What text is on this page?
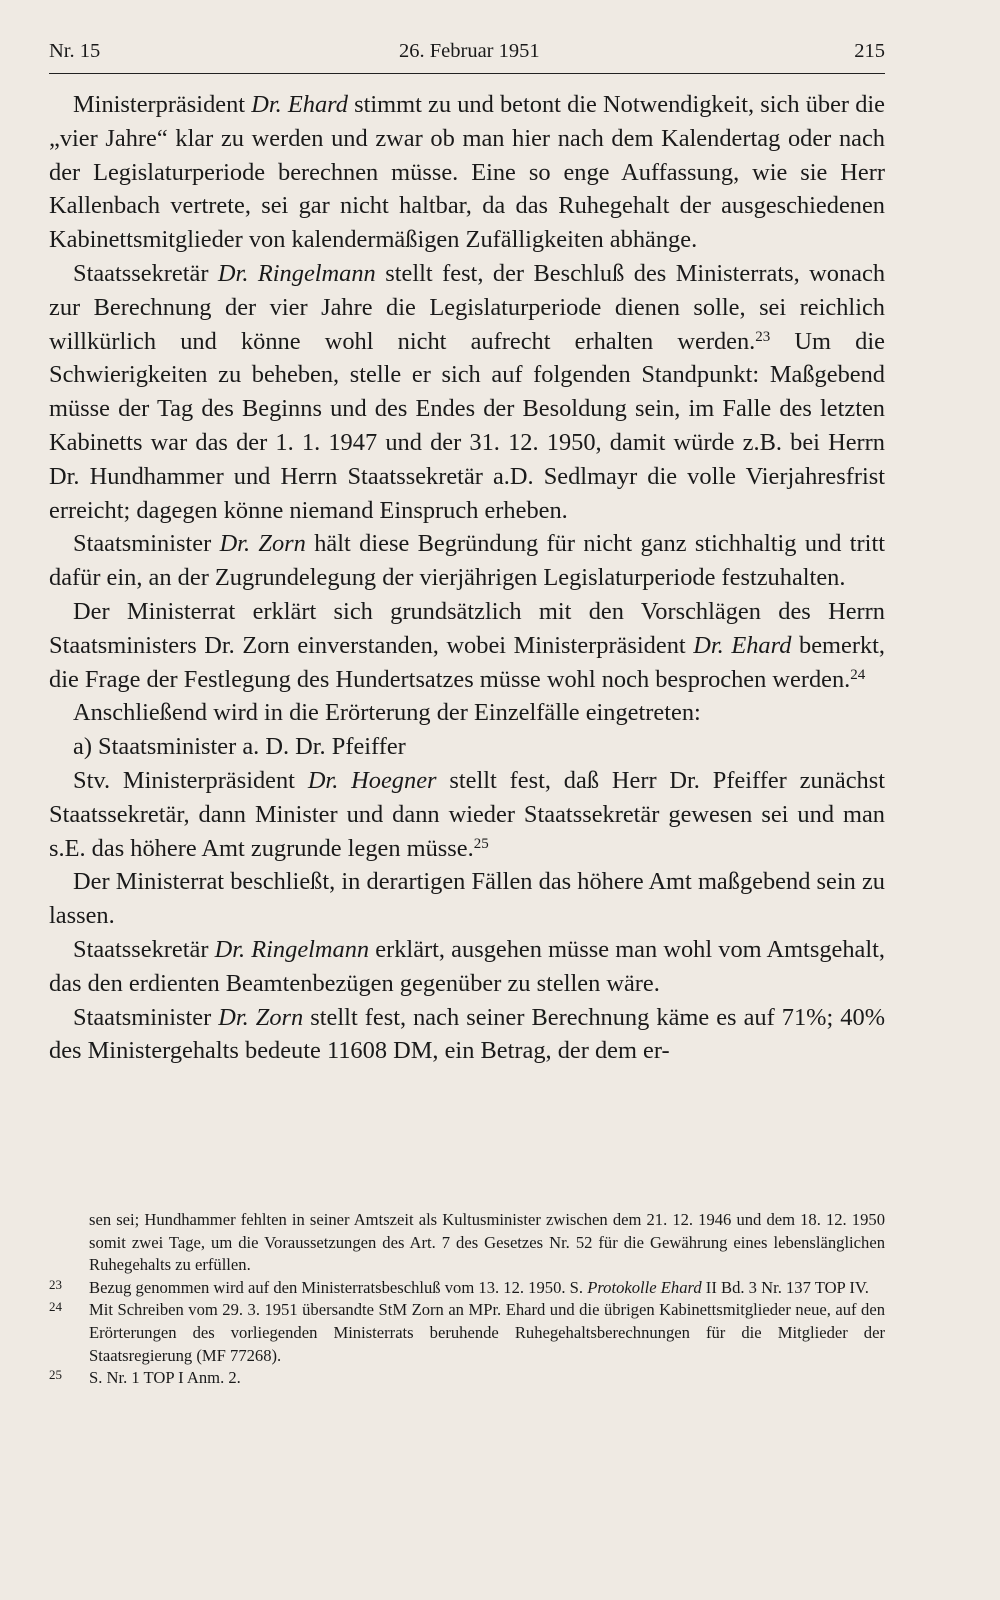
Nr. 15	26. Februar 1951	215

Ministerpräsident Dr. Ehard stimmt zu und betont die Notwendigkeit, sich über die „vier Jahre“ klar zu werden und zwar ob man hier nach dem Kalendertag oder nach der Legislaturperiode berechnen müsse. Eine so enge Auffassung, wie sie Herr Kallenbach vertrete, sei gar nicht haltbar, da das Ruhegehalt der ausgeschiedenen Kabinettsmitglieder von kalendermäßigen Zufälligkeiten abhänge.

Staatssekretär Dr. Ringelmann stellt fest, der Beschluß des Ministerrats, wonach zur Berechnung der vier Jahre die Legislaturperiode dienen solle, sei reichlich willkürlich und könne wohl nicht aufrecht erhalten werden.$^{23}$ Um die Schwierigkeiten zu beheben, stelle er sich auf folgenden Standpunkt: Maßgebend müsse der Tag des Beginns und des Endes der Besoldung sein, im Falle des letzten Kabinetts war das der 1. 1. 1947 und der 31. 12. 1950, damit würde z.B. bei Herrn Dr. Hundhammer und Herrn Staatssekretär a.D. Sedlmayr die volle Vierjahresfrist erreicht; dagegen könne niemand Einspruch erheben.

Staatsminister Dr. Zorn hält diese Begründung für nicht ganz stichhaltig und tritt dafür ein, an der Zugrundelegung der vierjährigen Legislaturperiode festzuhalten.

Der Ministerrat erklärt sich grundsätzlich mit den Vorschlägen des Herrn Staatsministers Dr. Zorn einverstanden, wobei Ministerpräsident Dr. Ehard bemerkt, die Frage der Festlegung des Hundertsatzes müsse wohl noch besprochen werden.$^{24}$

Anschließend wird in die Erörterung der Einzelfälle eingetreten:

a) Staatsminister a. D. Dr. Pfeiffer

Stv. Ministerpräsident Dr. Hoegner stellt fest, daß Herr Dr. Pfeiffer zunächst Staatssekretär, dann Minister und dann wieder Staatssekretär gewesen sei und man s.E. das höhere Amt zugrunde legen müsse.$^{25}$

Der Ministerrat beschließt, in derartigen Fällen das höhere Amt maßgebend sein zu lassen.

Staatssekretär Dr. Ringelmann erklärt, ausgehen müsse man wohl vom Amtsgehalt, das den erdienten Beamtenbezügen gegenüber zu stellen wäre.

Staatsminister Dr. Zorn stellt fest, nach seiner Berechnung käme es auf 71%; 40% des Ministergehalts bedeute 11608 DM, ein Betrag, der dem er-

sen sei; Hundhammer fehlten in seiner Amtszeit als Kultusminister zwischen dem 21. 12. 1946 und dem 18. 12. 1950 somit zwei Tage, um die Voraussetzungen des Art. 7 des Gesetzes Nr. 52 für die Gewährung eines lebenslänglichen Ruhegehalts zu erfüllen.

23 Bezug genommen wird auf den Ministerratsbeschluß vom 13. 12. 1950. S. Protokolle Ehard II Bd. 3 Nr. 137 TOP IV.

24 Mit Schreiben vom 29. 3. 1951 übersandte StM Zorn an MPr. Ehard und die übrigen Kabinettsmitglieder neue, auf den Erörterungen des vorliegenden Ministerrats beruhende Ruhegehaltsberechnungen für die Mitglieder der Staatsregierung (MF 77268).

25 S. Nr. 1 TOP I Anm. 2.
